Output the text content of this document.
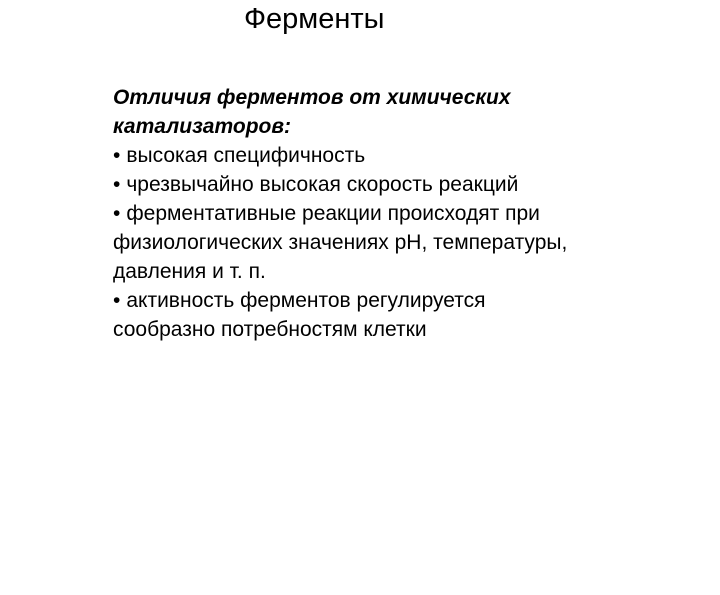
Ферменты
Отличия ферментов от химических
катализаторов:
• высокая специфичность
• чрезвычайно высокая скорость реакций
• ферментативные реакции происходят при
физиологических значениях pH, температуры,
давления и т. п.
• активность ферментов регулируется
сообразно потребностям клетки
